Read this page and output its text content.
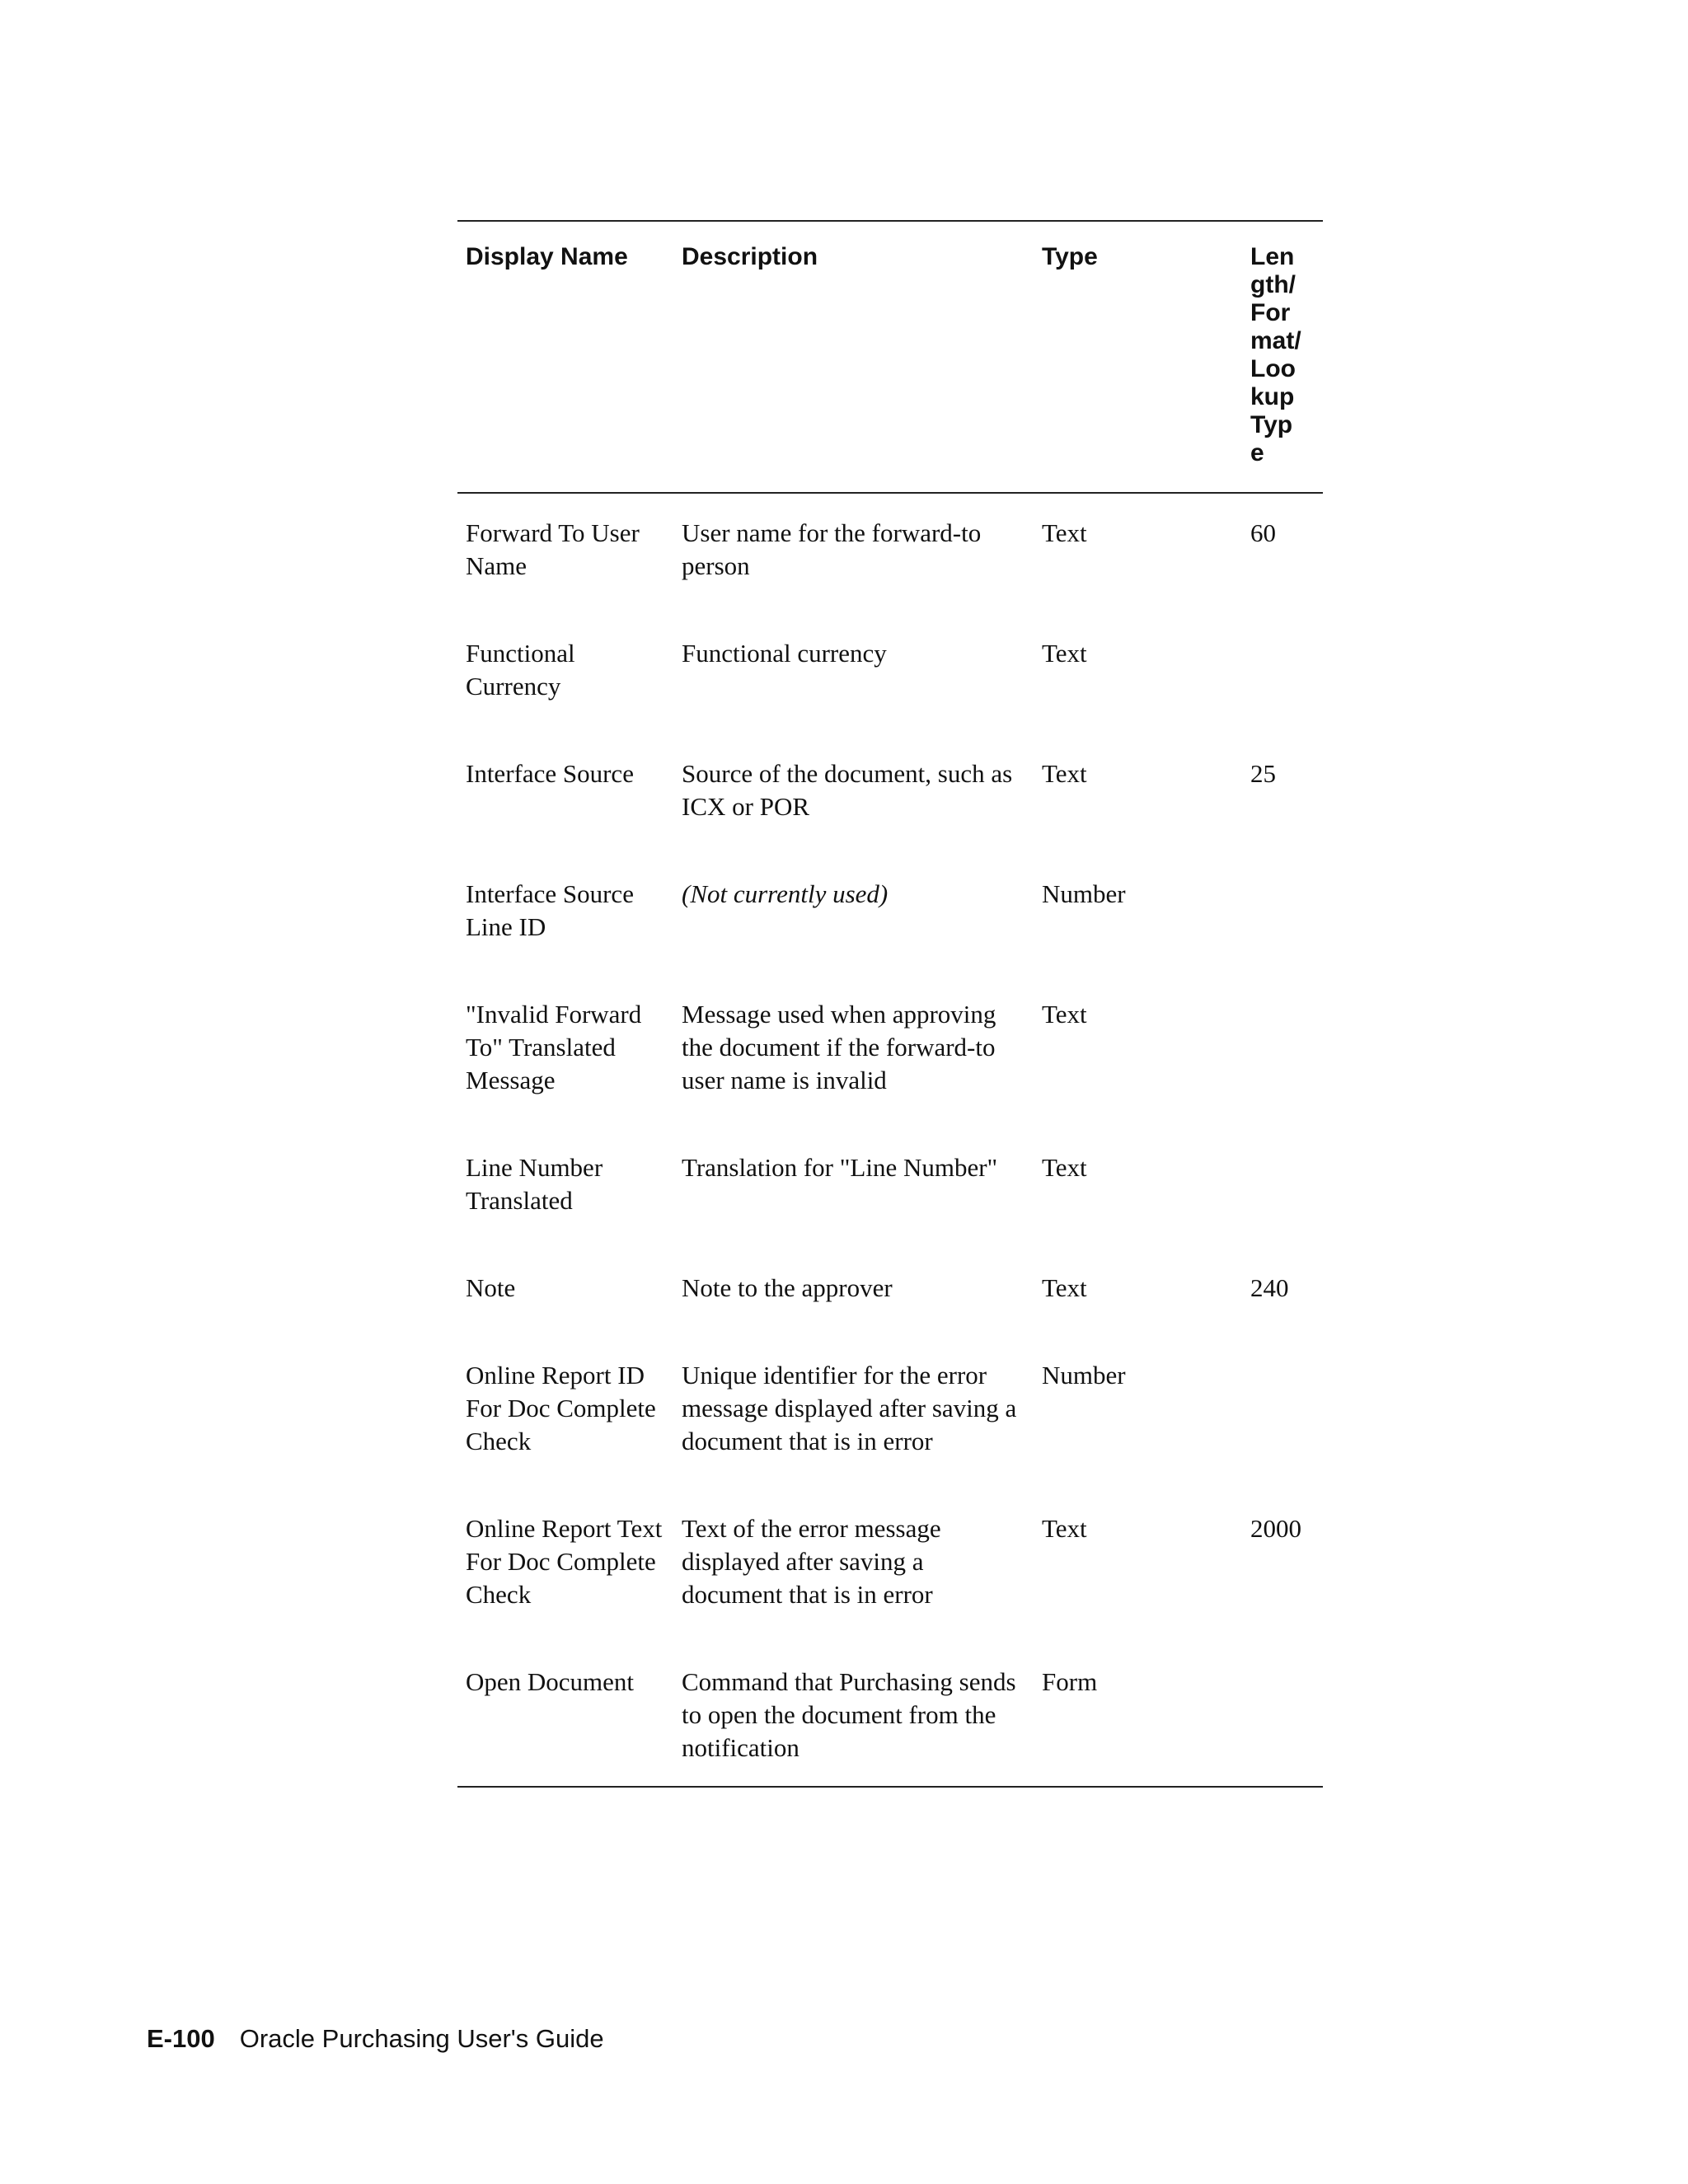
Display Name	Description	Type	Length/Format/Lookup Type

Forward To User Name	User name for the forward-to person	Text	60
Functional Currency	Functional currency	Text	
Interface Source	Source of the document, such as ICX or POR	Text	25
Interface Source Line ID	(Not currently used)	Number	
"Invalid Forward To" Translated Message	Message used when approving the document if the forward-to user name is invalid	Text	
Line Number Translated	Translation for "Line Number"	Text	
Note	Note to the approver	Text	240
Online Report ID For Doc Complete Check	Unique identifier for the error message displayed after saving a document that is in error	Number	
Online Report Text For Doc Complete Check	Text of the error message displayed after saving a document that is in error	Text	2000
Open Document	Command that Purchasing sends to open the document from the notification	Form	
E-100 Oracle Purchasing User's Guide
